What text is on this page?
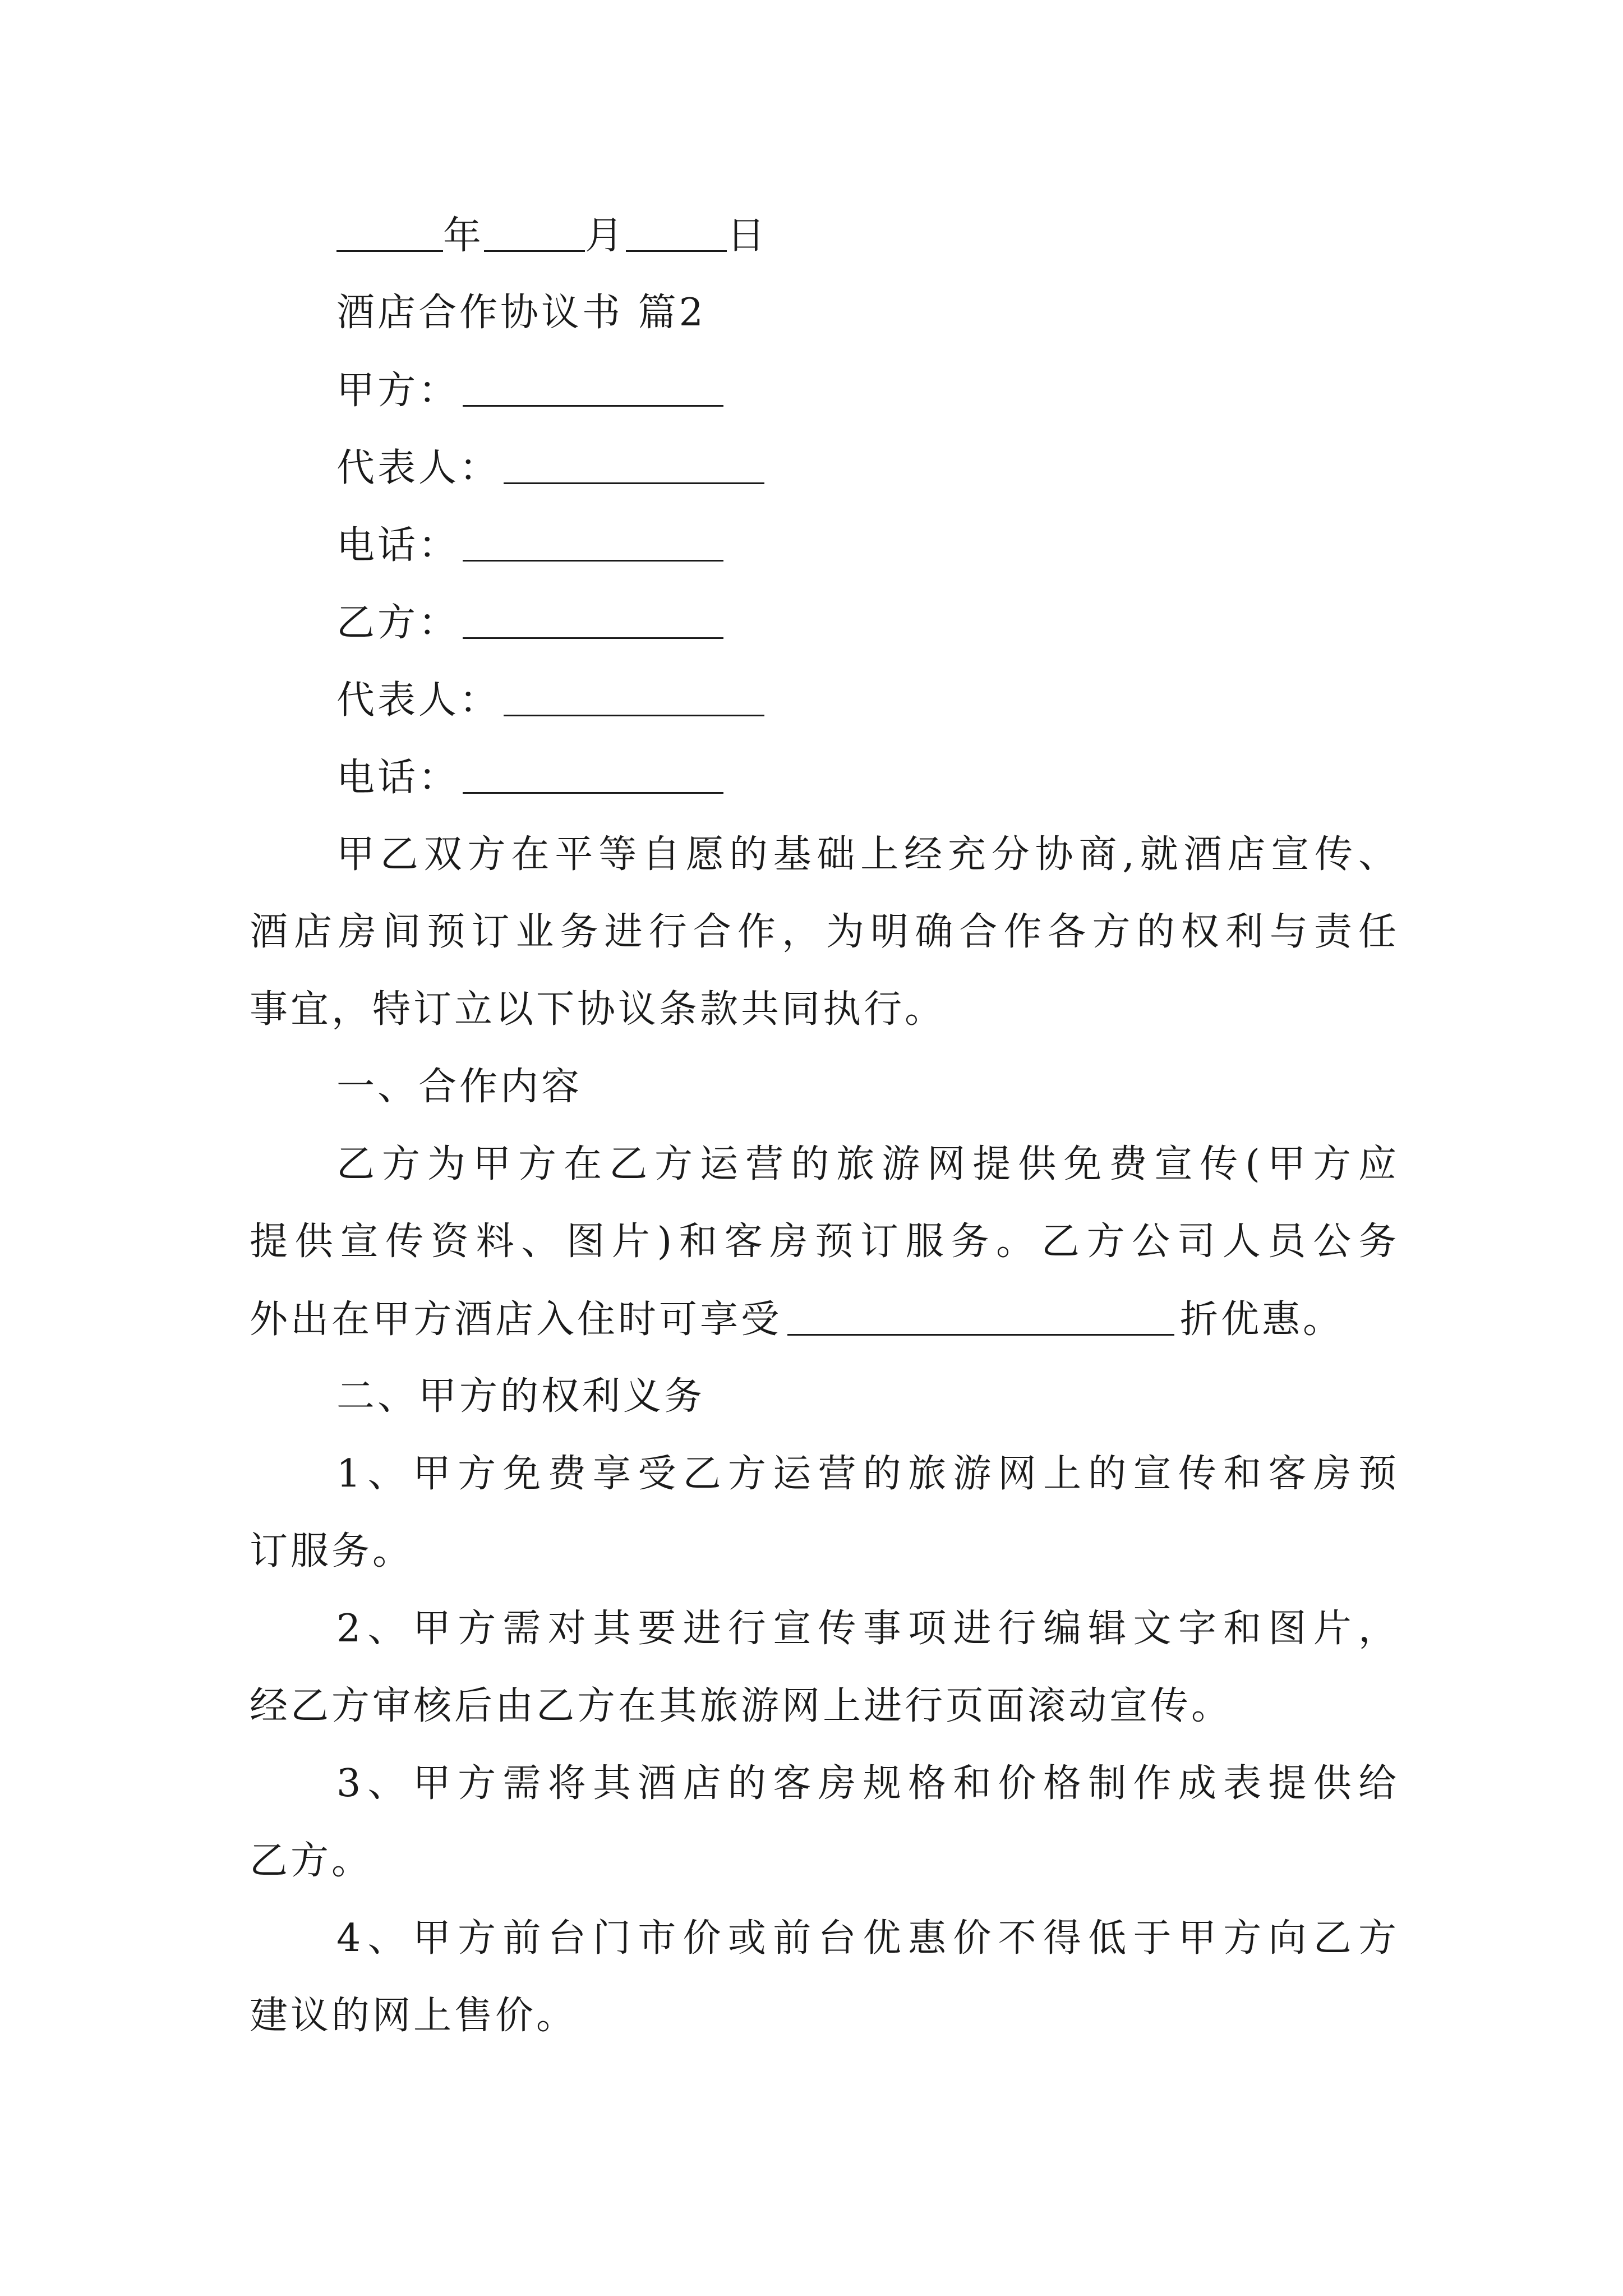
年	月	日
酒店合作协议书 篇2
甲方：
代表人：
电话：
乙方：
代表人：
电话：
甲乙双方在平等自愿的基础上经充分协商,就酒店宣传、
酒店房间预订业务进行合作，为明确合作各方的权利与责任
事宜，特订立以下协议条款共同执行。
一、合作内容
乙方为甲方在乙方运营的旅游网提供免费宣传(甲方应
提供宣传资料、图片)和客房预订服务。乙方公司人员公务
外出在甲方酒店入住时可享受	折优惠。
二、甲方的权利义务
1、甲方免费享受乙方运营的旅游网上的宣传和客房预
订服务。
2、甲方需对其要进行宣传事项进行编辑文字和图片，
经乙方审核后由乙方在其旅游网上进行页面滚动宣传。
3、甲方需将其酒店的客房规格和价格制作成表提供给
乙方。
4、甲方前台门市价或前台优惠价不得低于甲方向乙方
建议的网上售价。
